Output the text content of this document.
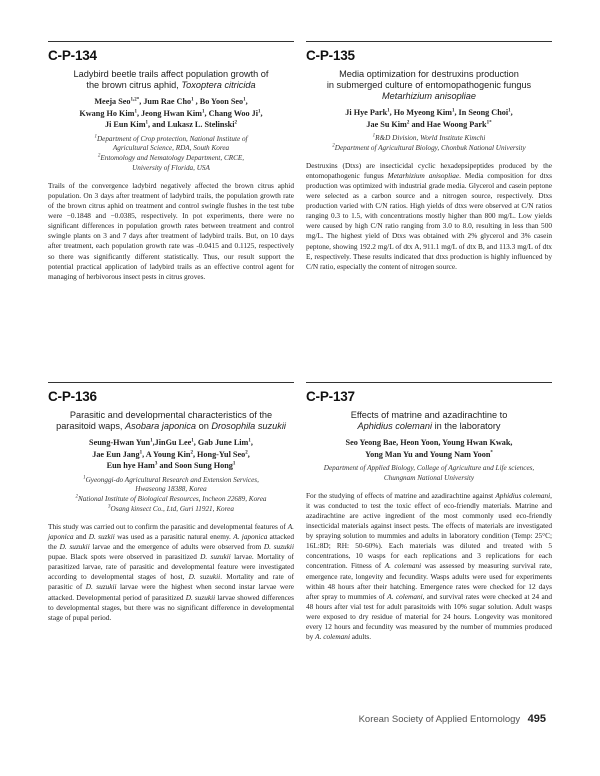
C-P-134
Ladybird beetle trails affect population growth of
the brown citrus aphid, Toxoptera citricida
Meeja Seo$^{1,2*}$, Jum Rae Cho$^1$ , Bo Yoon Seo$^1$,
Kwang Ho Kim$^1$, Jeong Hwan Kim$^1$, Chang Woo Ji$^1$,
Ji Eun Kim$^1$, and Lukasz L. Stelinski$^2$
$^1$Department of Crop protection, National Institute of
Agricultural Science, RDA, South Korea
$^2$Entomology and Nematology Department, CRCE,
University of Florida, USA
Trails of the convergence ladybird negatively affected the brown citrus aphid population. On 3 days after treatment of ladybird trails, the population growth rate of the brown citrus aphid on treatment and control swingle flushes in the test tube were −0.1848 and −0.0385, respectively. In pot experiments, there were no significant differences in population growth rates between treatment and control swingle plants on 3 and 7 days after treatment of ladybird trails. But, on 10 days after treatment, each population growth rate was -0.0415 and 0.1125, respectively so there was significantly different statistically. Thus, our result support the potential practical application of ladybird trails as an effective control agent for managing of herbivorous insect pests in citrus groves.
C-P-135
Media optimization for destruxins production
in submerged culture of entomopathogenic fungus
Metarhizium anisopliae
Ji Hye Park$^1$, Ho Myeong Kim$^1$, In Seong Choi$^1$,
Jae Su Kim$^2$ and Hae Woong Park$^{1*}$
$^1$R&D Division, World Institute Kimchi
$^2$Department of Agricultural Biology, Chonbuk National University
Destruxins (Dtxs) are insecticidal cyclic hexadepsipeptides produced by the entomopathogenic fungus Metarhizium anisopliae. Media composition for dtxs production was optimized with industrial grade media. Glycerol and casein peptone were selected as a carbon source and a nitrogen source, respectively. Dtxs production varied with C/N ratios. High yields of dtxs were observed at C/N ratios ranging 0.3 to 1.5, with concentrations mostly higher than 800 mg/L. Low yields were caused by high C/N ratio ranging from 3.0 to 8.0, resulting in less than 500 mg/L. The highest yield of Dtxs was obtained with 2% glycerol and 3% casein peptone, showing 192.2 mg/L of dtx A, 911.1 mg/L of dtx B, and 113.3 mg/L of dtx E, respectively. These results indicated that dtxs production is highly influenced by C/N ratio, especially the content of nitrogen source.
C-P-136
Parasitic and developmental characteristics of the
parasitoid waps, Asobara japonica on Drosophila suzukii
Seung-Hwan Yun$^1$,JinGu Lee$^1$, Gab June Lim$^1$,
Jae Eun Jang$^1$, A Young Kin$^2$, Hong-Yul Seo$^2$,
Eun hye Ham$^3$ and Soon Sung Hong$^1$
$^1$Gyeonggi-do Agricultural Research and Extension Services,
Hwaseong 18388, Korea
$^2$National Institute of Biological Resources, Incheon 22689, Korea
$^3$Osang kinsect Co., Ltd, Guri 11921, Korea
This study was carried out to confirm the parasitic and developmental features of A. japonica and D. suzkii was used as a parasitic natural enemy. A. japonica attacked the D. suzukii larvae and the emergence of adults were observed from D. suzukii pupae. Black spots were observed in parasitized D. suzukii larvae. Mortality of parasitized larvae, rate of parasitic and developmental feature were investigated according to developmental stages of host, D. suzukii. Mortality and rate of parasitic of D. suzukii larvae were the highest when second instar larvae were attacked. Developmental period of parasitized D. suzukii larvae showed differences to developmental stages, but there was no significant difference in developmental stage of pupal period.
C-P-137
Effects of matrine and azadirachtine to
Aphidius colemani in the laboratory
Seo Yeong Bae, Heon Yoon, Young Hwan Kwak,
Yong Man Yu and Young Nam Yoon*
Department of Applied Biology, College of Agriculture and Life sciences,
Chungnam National University
For the studying of effects of matrine and azadirachtine against Aphidius colemani, it was conducted to test the toxic effect of eco-friendly materials. Matrine and azadirachtine are active ingredient of the most commonly used eco-friendly insecticidal materials against insect pests. The effects of materials are investigated by spraying solution to mummies and adults in laboratory condition (Temp: 25°C; 16L:8D; RH: 50-60%). Each materials was diluted and treated with 5 concentrations, 10 wasps for each replications and 3 replications for each concentration. Fitness of A. colemani was assessed by measuring survival rate, emergence rate, longevity and fecundity. Wasps adults were used for experiments within 48 hours after their hatching. Emergence rates were checked for 12 days after spray to mummies of A. colemani, and survival rates were checked at 24 and 48 hours after vial test for adult parasitoids with 10% sugar solution. Adult wasps were exposed to dry residue of material for 24 hours. Longevity was monitored every 12 hours and fecundity was measured by the number of mummies produced by A. colemani adults.
Korean Society of Applied Entomology 495
